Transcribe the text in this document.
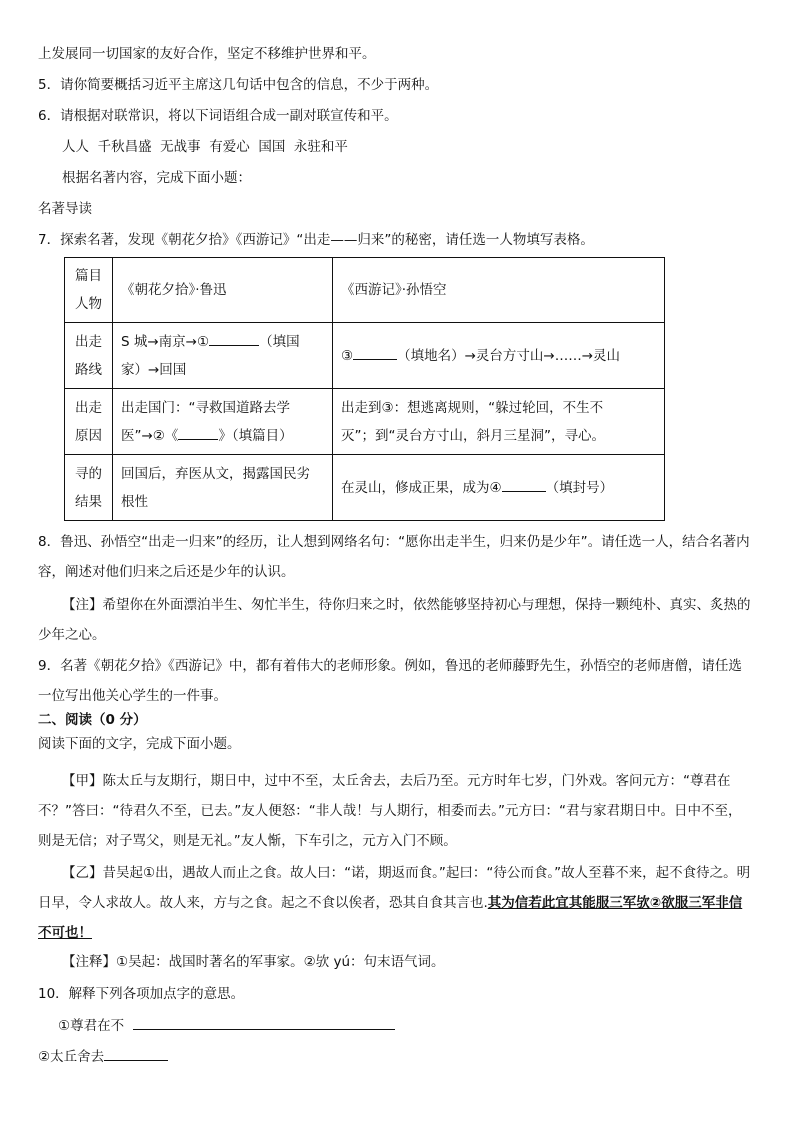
上发展同一切国家的友好合作，坚定不移维护世界和平。
5．请你简要概括习近平主席这几句话中包含的信息，不少于两种。
6．请根据对联常识，将以下词语组合成一副对联宣传和平。
人人  千秋昌盛  无战事  有爱心  国国  永驻和平
根据名著内容，完成下面小题：
名著导读
7．探索名著，发现《朝花夕拾》《西游记》“出走——归来”的秘密，请任选一人物填写表格。
篇目
人物	《朝花夕拾》·鲁迅	《西游记》·孙悟空

出走
路线	S 城→南京→① （填国
家）→回国	③ （填地名）→灵台方寸山→……→灵山

出走
原因	出走国门：“寻救国道路去学
医”→②《 》（填篇目）	出走到③：想逃离规则，“躲过轮回，不生不
灭”；到“灵台方寸山，斜月三星洞”，寻心。

寻的
结果	回国后，弃医从文，揭露国民劣
根性	在灵山，修成正果，成为④ （填封号）
8．鲁迅、孙悟空“出走一归来”的经历，让人想到网络名句：“愿你出走半生，归来仍是少年”。请任选一人，结合名著内容，阐述对他们归来之后还是少年的认识。
【注】希望你在外面漂泊半生、匆忙半生，待你归来之时，依然能够坚持初心与理想，保持一颗纯朴、真实、炙热的少年之心。
9．名著《朝花夕拾》《西游记》中，都有着伟大的老师形象。例如，鲁迅的老师藤野先生，孙悟空的老师唐僧，请任选一位写出他关心学生的一件事。
二、阅读（0 分）
阅读下面的文字，完成下面小题。
【甲】陈太丘与友期行，期日中，过中不至，太丘舍去，去后乃至。元方时年七岁，门外戏。客问元方：“尊君在不？”答曰：“待君久不至，已去。”友人便怒：“非人哉！与人期行，相委而去。”元方曰：“君与家君期日中。日中不至，则是无信；对子骂父，则是无礼。”友人惭，下车引之，元方入门不顾。
【乙】昔吴起①出，遇故人而止之食。故人曰：“诺，期返而食。”起曰：“待公而食。”故人至暮不来，起不食待之。明日早，令人求故人。故人来，方与之食。起之不食以俟者，恐其自食其言也.其为信若此宜其能服三军欤②欲服三军非信不可也！
【注释】①吴起：战国时著名的军事家。②欤 yú：句末语气词。
10．解释下列各项加点字的意思。
①尊君在不
②太丘舍去
